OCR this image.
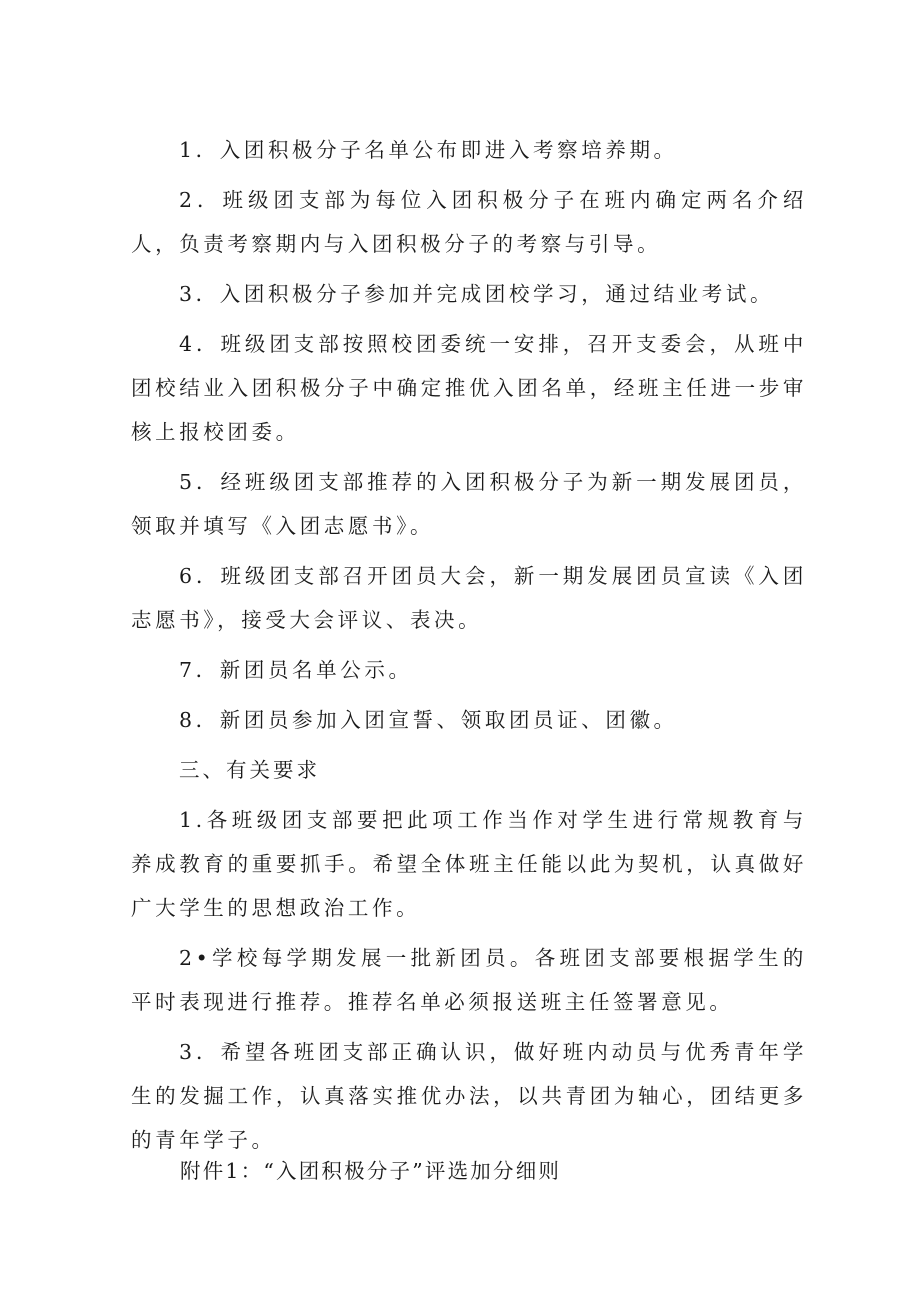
1．入团积极分子名单公布即进入考察培养期。

2．班级团支部为每位入团积极分子在班内确定两名介绍人，负责考察期内与入团积极分子的考察与引导。

3．入团积极分子参加并完成团校学习，通过结业考试。

4．班级团支部按照校团委统一安排，召开支委会，从班中团校结业入团积极分子中确定推优入团名单，经班主任进一步审核上报校团委。

5．经班级团支部推荐的入团积极分子为新一期发展团员，领取并填写《入团志愿书》。

6．班级团支部召开团员大会，新一期发展团员宣读《入团志愿书》，接受大会评议、表决。

7．新团员名单公示。

8．新团员参加入团宣誓、领取团员证、团徽。

三、有关要求

1.各班级团支部要把此项工作当作对学生进行常规教育与养成教育的重要抓手。希望全体班主任能以此为契机，认真做好广大学生的思想政治工作。

2•学校每学期发展一批新团员。各班团支部要根据学生的平时表现进行推荐。推荐名单必须报送班主任签署意见。

3．希望各班团支部正确认识，做好班内动员与优秀青年学生的发掘工作，认真落实推优办法，以共青团为轴心，团结更多的青年学子。

附件1：“入团积极分子”评选加分细则
